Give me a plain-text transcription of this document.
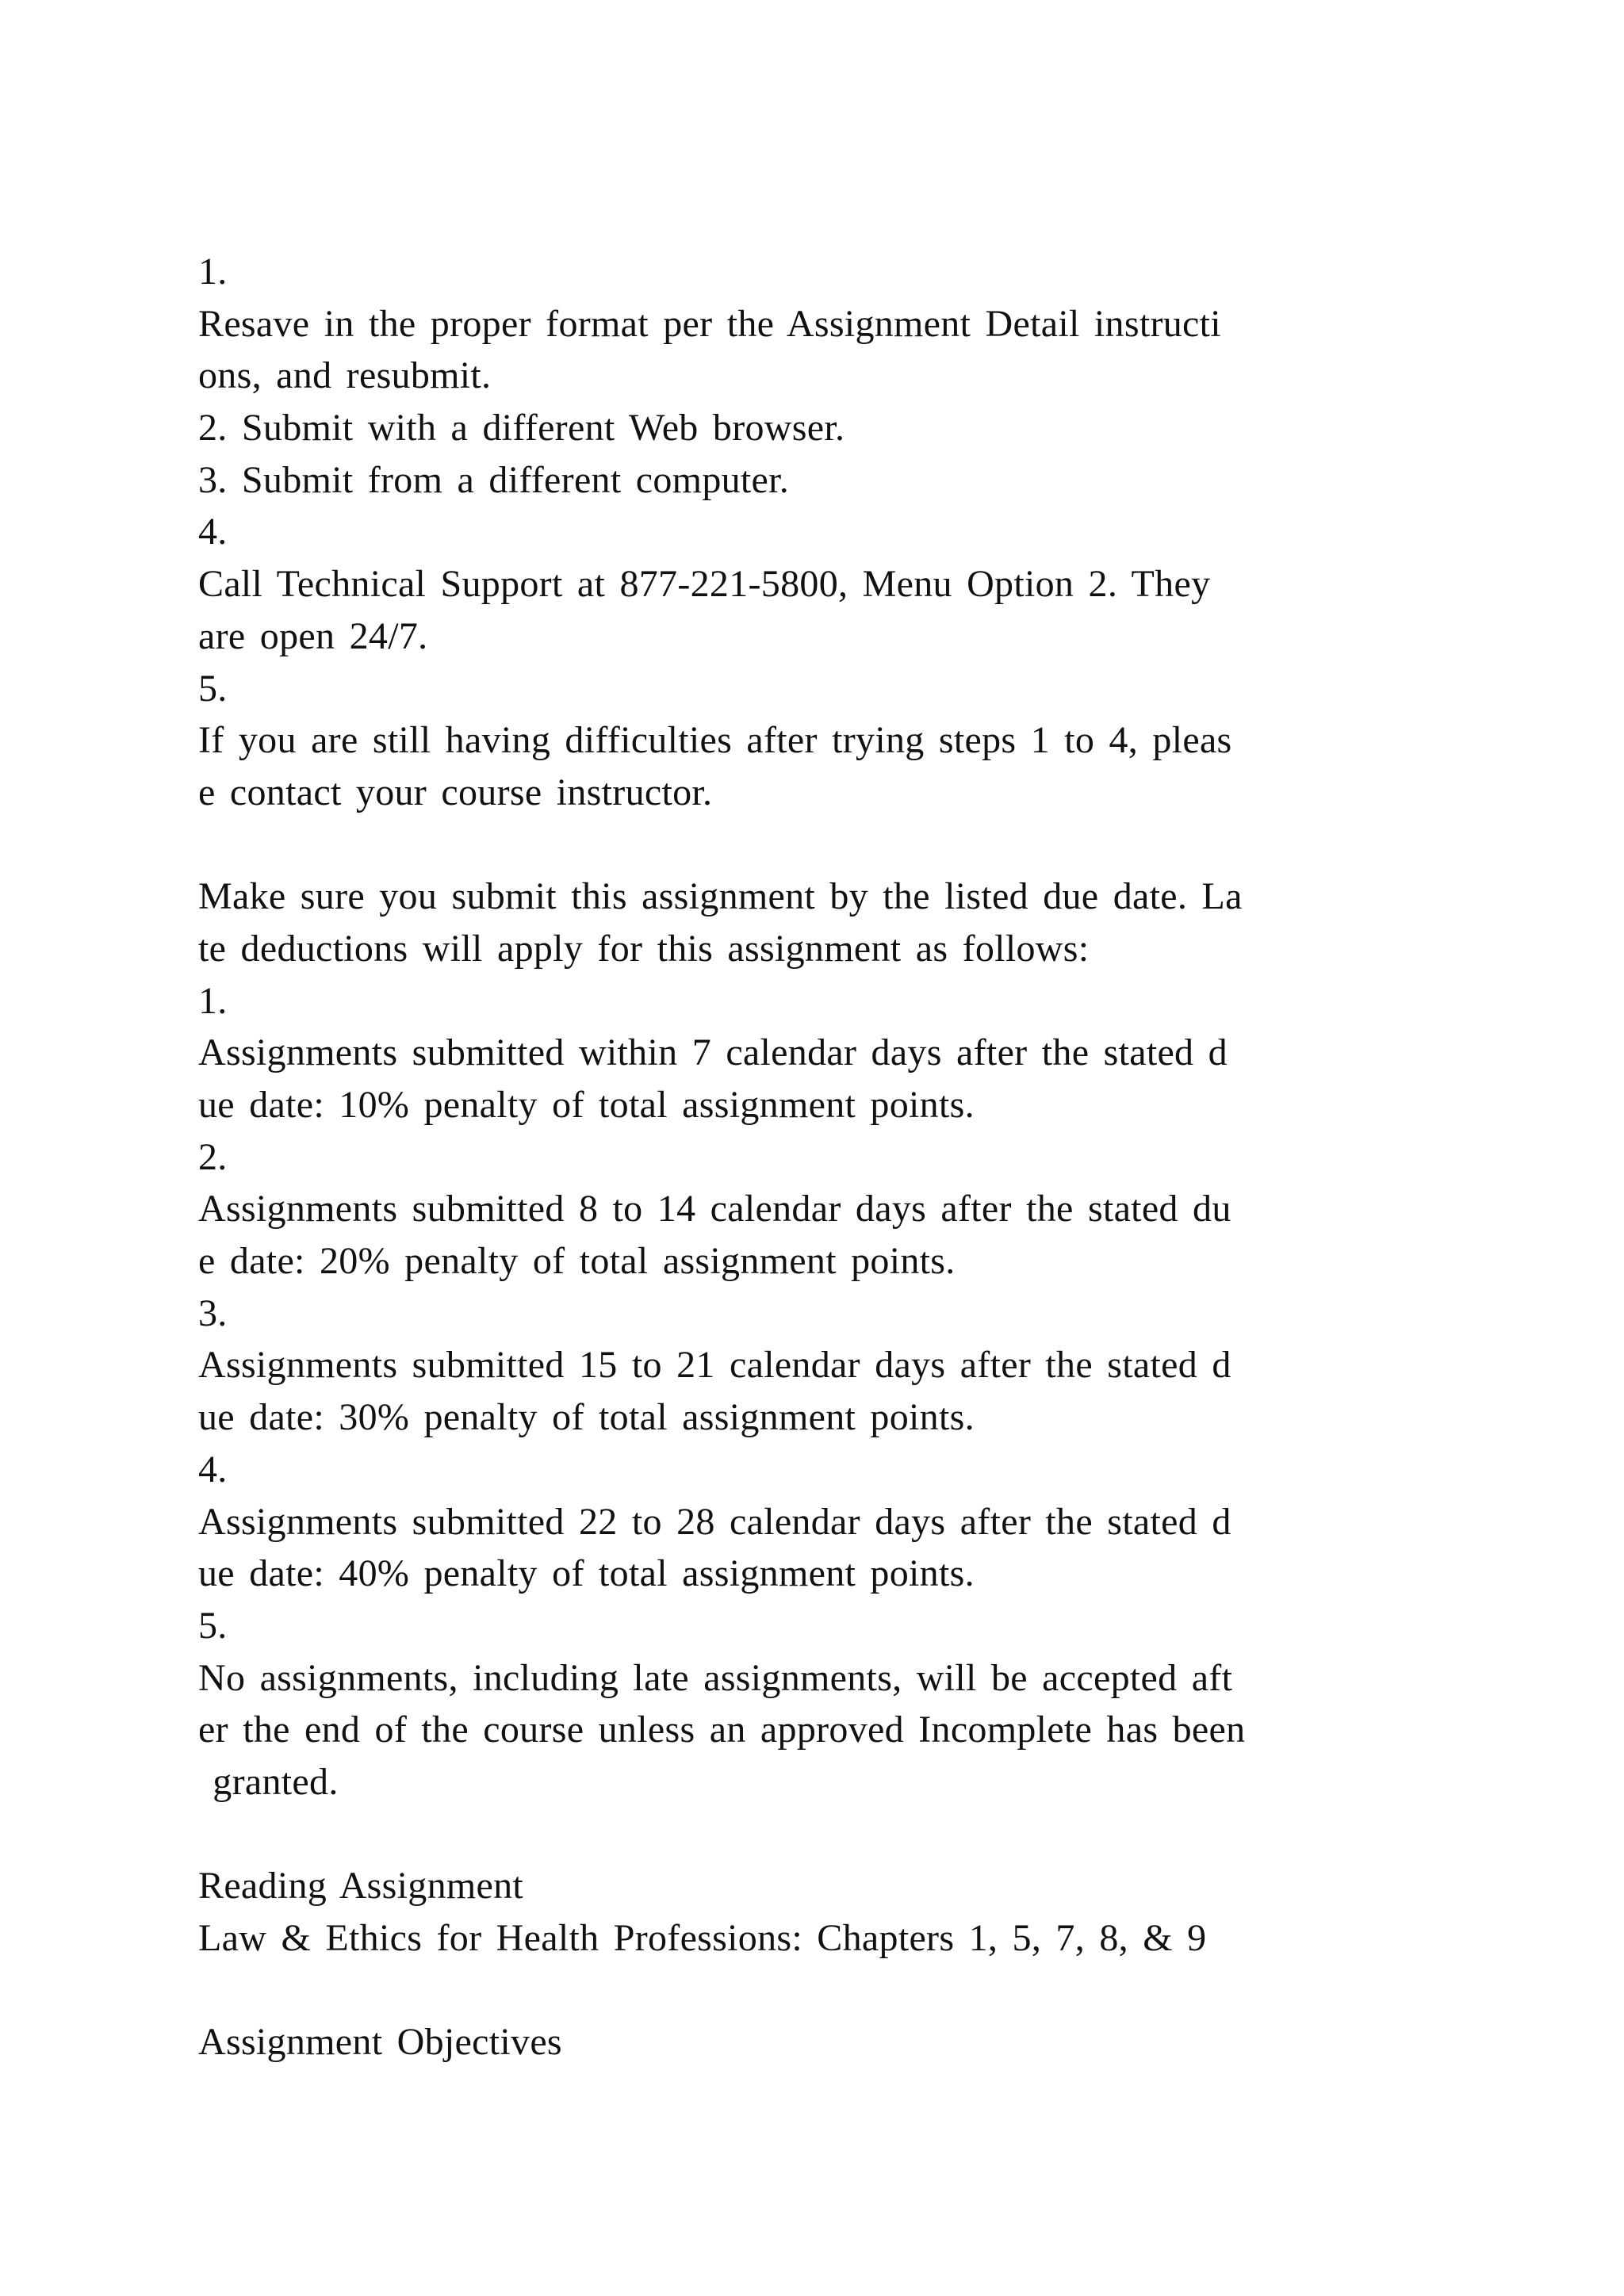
1.
Resave in the proper format per the Assignment Detail instructi
ons, and resubmit.
2. Submit with a different Web browser.
3. Submit from a different computer.
4.
Call Technical Support at 877-221-5800, Menu Option 2. They
are open 24/7.
5.
If you are still having difficulties after trying steps 1 to 4, pleas
e contact your course instructor.
Make sure you submit this assignment by the listed due date. La
te deductions will apply for this assignment as follows:
1.
Assignments submitted within 7 calendar days after the stated d
ue date: 10% penalty of total assignment points.
2.
Assignments submitted 8 to 14 calendar days after the stated du
e date: 20% penalty of total assignment points.
3.
Assignments submitted 15 to 21 calendar days after the stated d
ue date: 30% penalty of total assignment points.
4.
Assignments submitted 22 to 28 calendar days after the stated d
ue date: 40% penalty of total assignment points.
5.
No assignments, including late assignments, will be accepted aft
er the end of the course unless an approved Incomplete has been
granted.
Reading Assignment
Law & Ethics for Health Professions: Chapters 1, 5, 7, 8, & 9
Assignment Objectives
